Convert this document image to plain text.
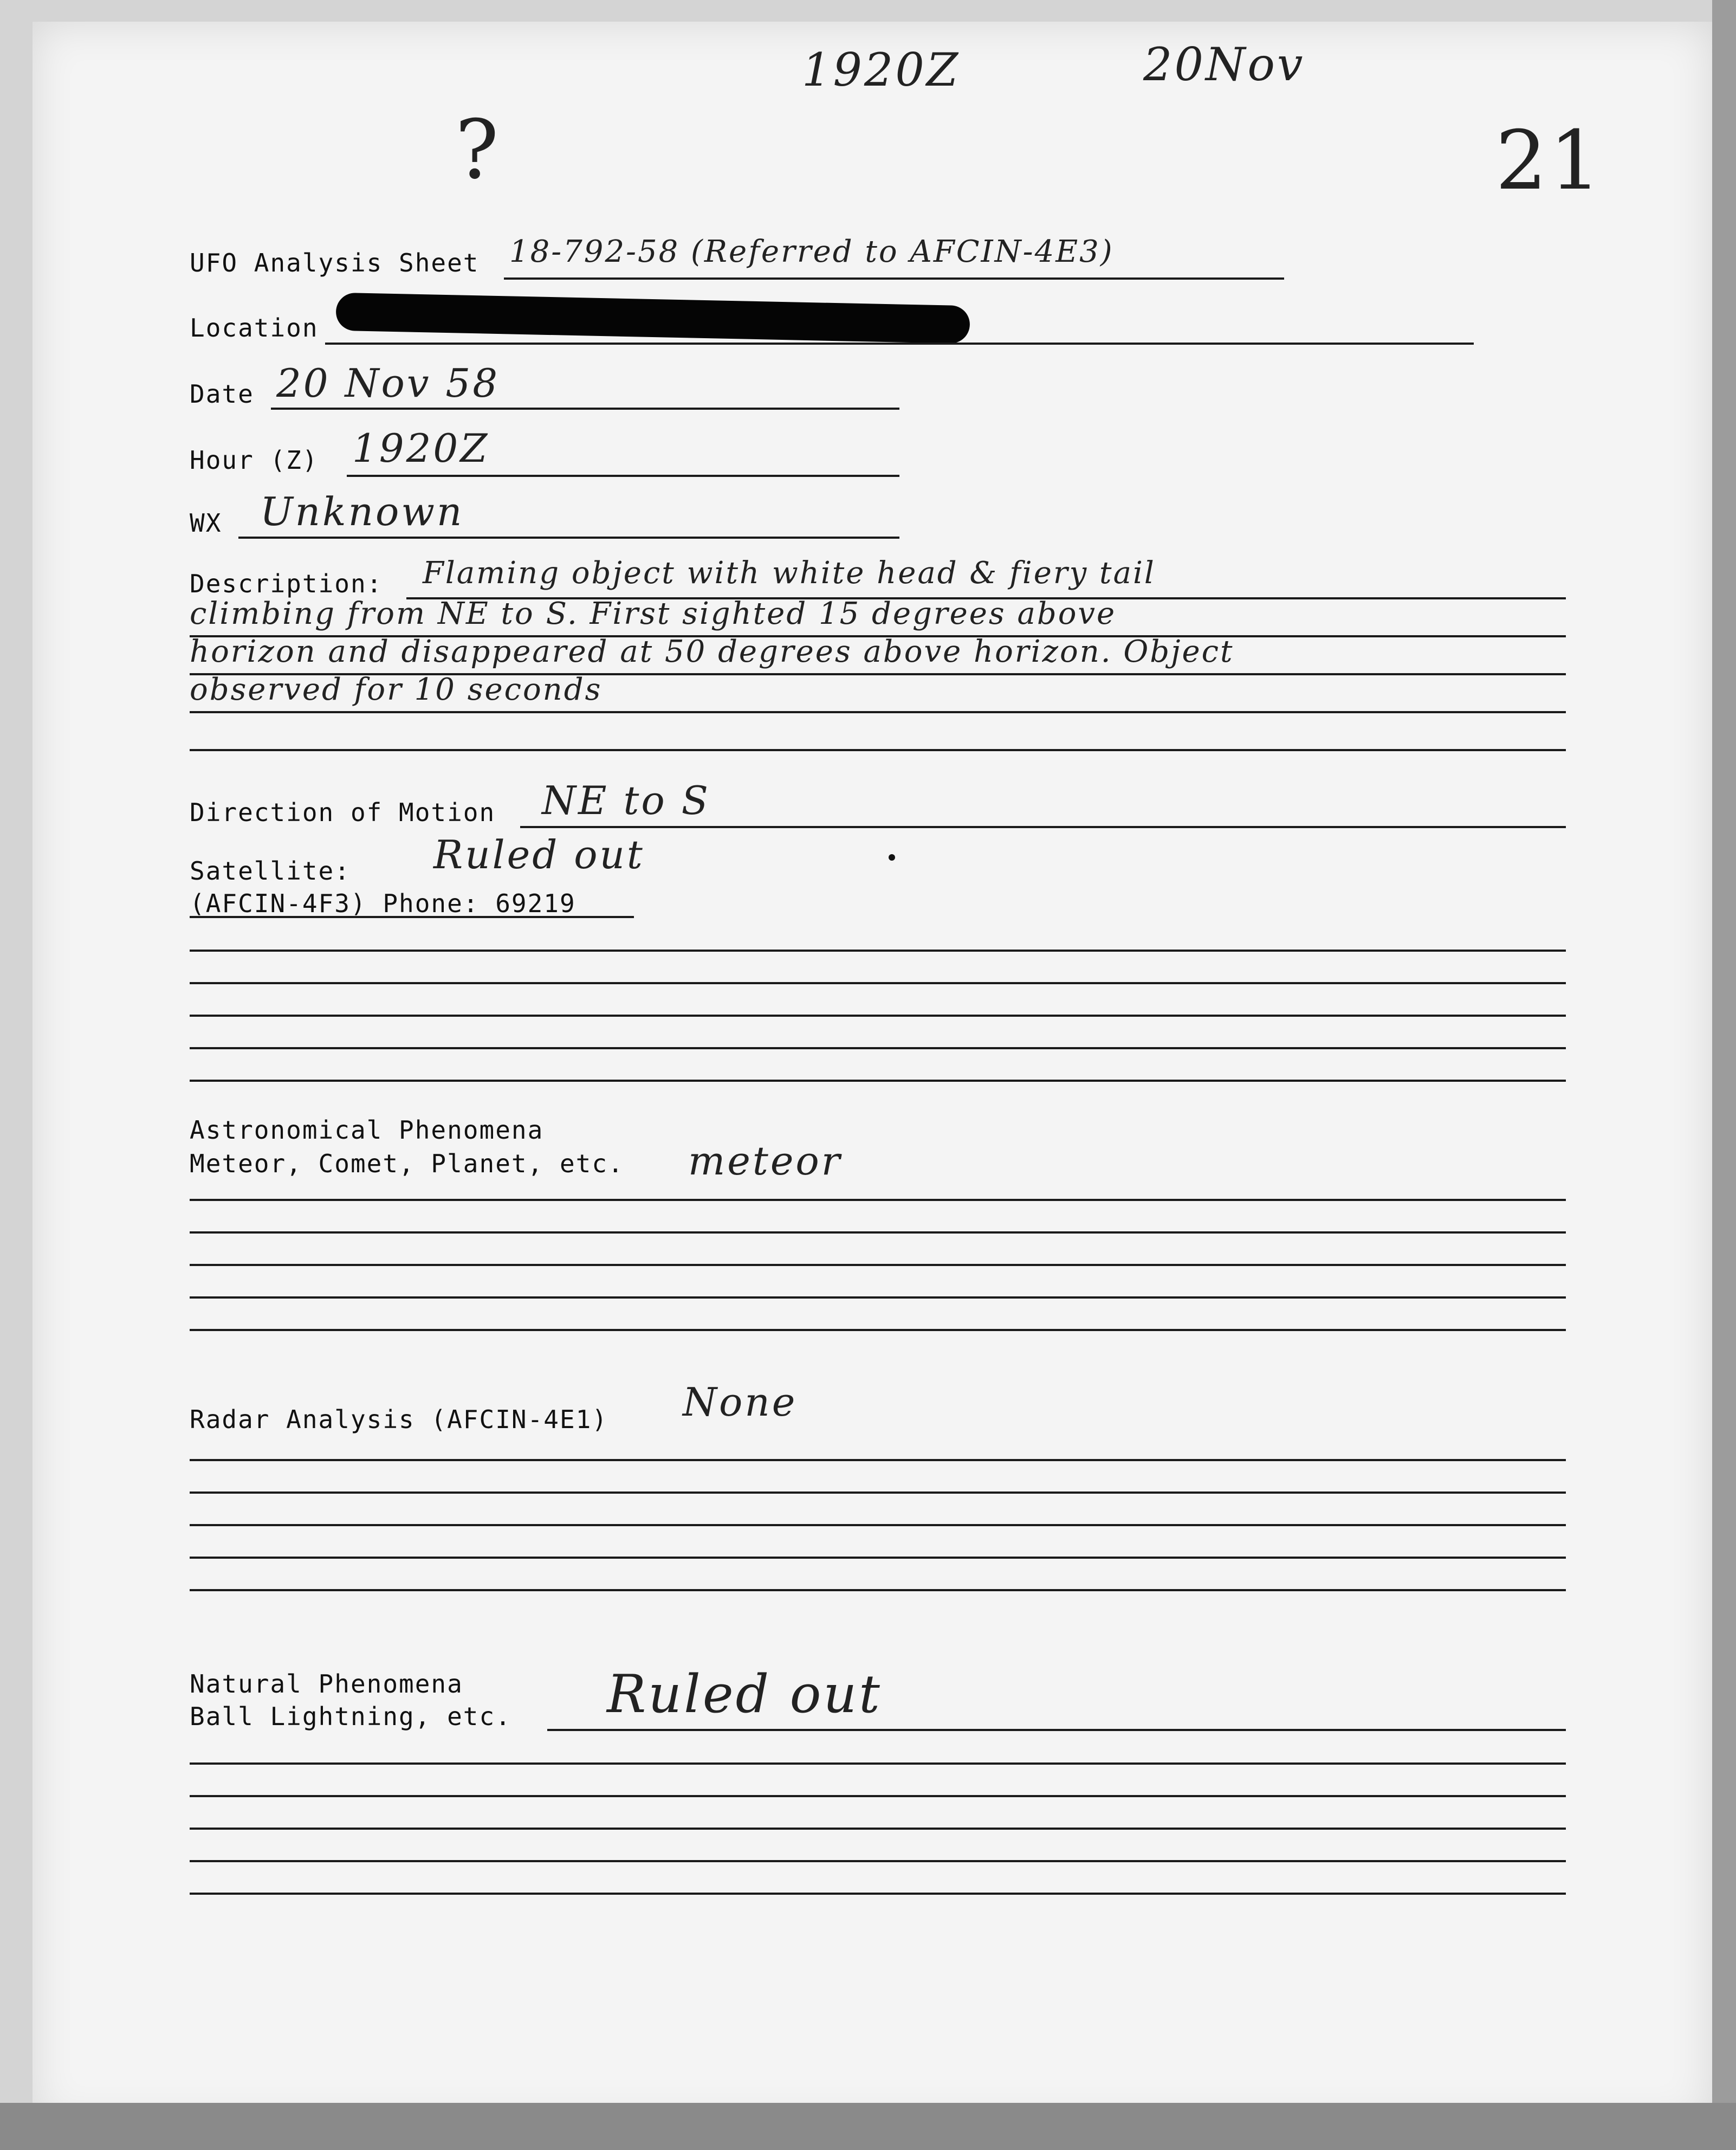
1920Z	20Nov
21
?
UFO Analysis Sheet 18-792-58 (Referred to AFCIN-4E3)
Location
Date 20 Nov 58
Hour (Z) 1920Z
WX Unknown
Description: Flaming object with white head & fiery tail
climbing from NE to S. First sighted 15 degrees above
horizon and disappeared at 50 degrees above horizon. Object
observed for 10 seconds
Direction of Motion NE to S
Satellite: Ruled out
(AFCIN-4F3) Phone: 69219
Astronomical Phenomena
Meteor, Comet, Planet, etc. meteor
Radar Analysis (AFCIN-4E1) None
Natural Phenomena
Ball Lightning, etc. Ruled out
